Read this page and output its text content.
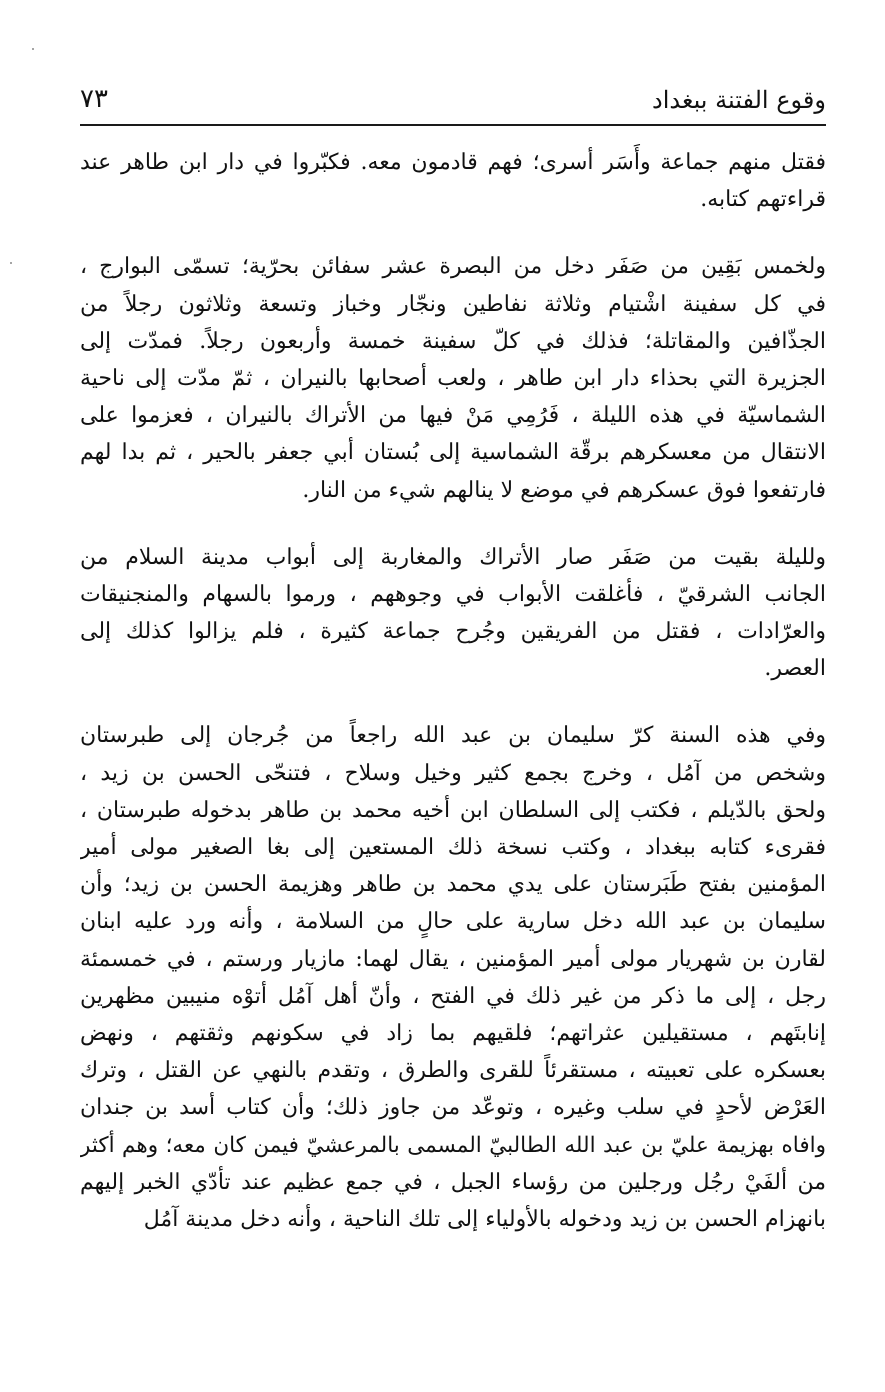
وقوع الفتنة ببغداد
٧٣
فقتل منهم جماعة وأَسَر أسرى؛ فهم قادمون معه. فكبّروا في دار ابن طاهر عند
قراءتهم كتابه.
ولخمس بَقِين من صَفَر دخل من البصرة عشر سفائن بحرّية؛ تسمّى البوارج ،
في كل سفينة اشْتيام وثلاثة نفاطين ونجّار وخباز وتسعة وثلاثون رجلاً من
الجذّافين والمقاتلة؛ فذلك في كلّ سفينة خمسة وأربعون رجلاً. فمدّت إلى
الجزيرة التي بحذاء دار ابن طاهر ، ولعب أصحابها بالنيران ، ثمّ مدّت إلى ناحية
الشماسيّة في هذه الليلة ، فَرُمِي مَنْ فيها من الأتراك بالنيران ، فعزموا على
الانتقال من معسكرهم برقّة الشماسية إلى بُستان أبي جعفر بالحير ، ثم بدا لهم
فارتفعوا فوق عسكرهم في موضع لا ينالهم شيء من النار.
ولليلة بقيت من صَفَر صار الأتراك والمغاربة إلى أبواب مدينة السلام من
الجانب الشرقيّ ، فأغلقت الأبواب في وجوههم ، ورموا بالسهام والمنجنيقات
والعرّادات ، فقتل من الفريقين وجُرح جماعة كثيرة ، فلم يزالوا كذلك إلى
العصر.
وفي هذه السنة كرّ سليمان بن عبد الله راجعاً من جُرجان إلى طبرستان
وشخص من آمُل ، وخرج بجمع كثير وخيل وسلاح ، فتنحّى الحسن بن زيد ،
ولحق بالدّيلم ، فكتب إلى السلطان ابن أخيه محمد بن طاهر بدخوله طبرستان ،
فقرىء كتابه ببغداد ، وكتب نسخة ذلك المستعين إلى بغا الصغير مولى أمير
المؤمنين بفتح طَبَرستان على يدي محمد بن طاهر وهزيمة الحسن بن زيد؛ وأن
سليمان بن عبد الله دخل سارية على حالٍ من السلامة ، وأنه ورد عليه ابنان
لقارن بن شهريار مولى أمير المؤمنين ، يقال لهما: مازيار ورستم ، في خمسمئة
رجل ، إلى ما ذكر من غير ذلك في الفتح ، وأنّ أهل آمُل أتوْه منيبين مظهرين
إنابتَهم ، مستقيلين عثراتهم؛ فلقيهم بما زاد في سكونهم وثقتهم ، ونهض
بعسكره على تعبيته ، مستقرئاً للقرى والطرق ، وتقدم بالنهي عن القتل ، وترك
العَرْض لأحدٍ في سلب وغيره ، وتوعّد من جاوز ذلك؛ وأن كتاب أسد بن جندان
وافاه بهزيمة عليّ بن عبد الله الطالبيّ المسمى بالمرعشيّ فيمن كان معه؛ وهم أكثر
من ألفَيْ رجُل ورجلين من رؤساء الجبل ، في جمع عظيم عند تأدّي الخبر إليهم
بانهزام الحسن بن زيد ودخوله بالأولياء إلى تلك الناحية ، وأنه دخل مدينة آمُل
